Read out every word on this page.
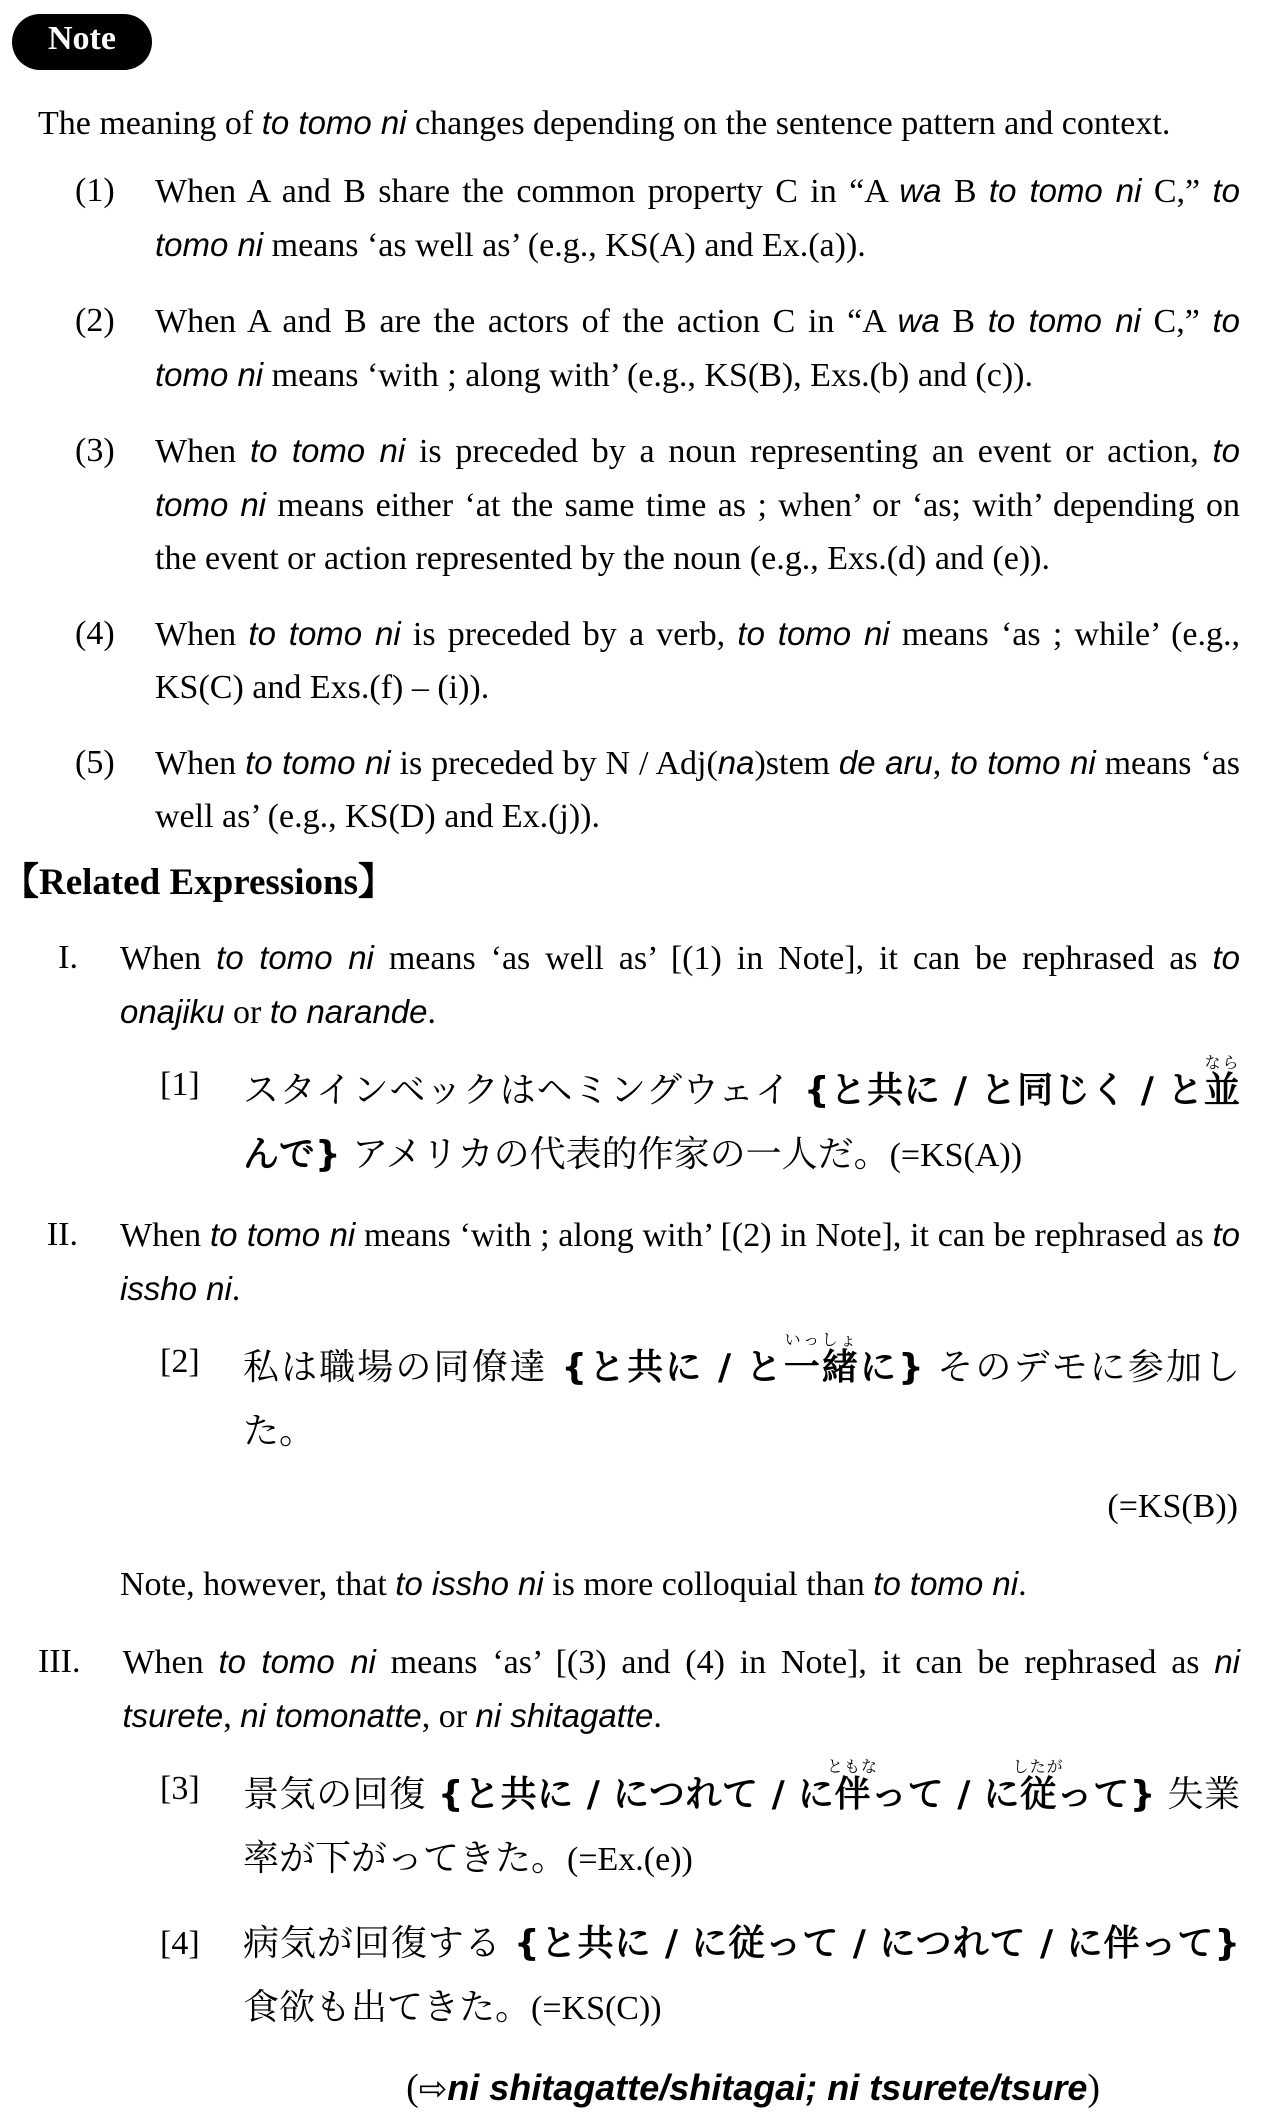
Note

The meaning of to tomo ni changes depending on the sentence pattern and context.

(1)	When A and B share the common property C in “A wa B to tomo ni C,” to tomo ni means ‘as well as’ (e.g., KS(A) and Ex.(a)).
(2)	When A and B are the actors of the action C in “A wa B to tomo ni C,” to tomo ni means ‘with ; along with’ (e.g., KS(B), Exs.(b) and (c)).
(3)	When to tomo ni is preceded by a noun representing an event or action, to tomo ni means either ‘at the same time as ; when’ or ‘as; with’ depending on the event or action represented by the noun (e.g., Exs.(d) and (e)).
(4)	When to tomo ni is preceded by a verb, to tomo ni means ‘as ; while’ (e.g., KS(C) and Exs.(f) – (i)).
(5)	When to tomo ni is preceded by N / Adj(na)stem de aru, to tomo ni means ‘as well as’ (e.g., KS(D) and Ex.(j)).
【Related Expressions】
I.	When to tomo ni means ‘as well as’ [(1) in Note], it can be rephrased as to onajiku or to narande.
[1]	スタインベックはヘミングウェイ {と共に / と同じく / と並ならんで} アメリカの代表的作家の一人だ。(=KS(A))
II.	When to tomo ni means ‘with ; along with’ [(2) in Note], it can be rephrased as to issho ni.
[2]	私は職場の同僚達 {と共に / と一緒いっしょに} そのデモに参加した。
(=KS(B))

Note, however, that to issho ni is more colloquial than to tomo ni.

III.	When to tomo ni means ‘as’ [(3) and (4) in Note], it can be rephrased as ni tsurete, ni tomonatte, or ni shitagatte.
[3]	景気の回復 {と共に / につれて / に伴ともなって / に従したがって} 失業率が下がってきた。(=Ex.(e))
[4]	病気が回復する {と共に / に従って / につれて / に伴って} 食欲も出てきた。(=KS(C))
(⇨ni shitagatte/shitagai; ni tsurete/tsure)
